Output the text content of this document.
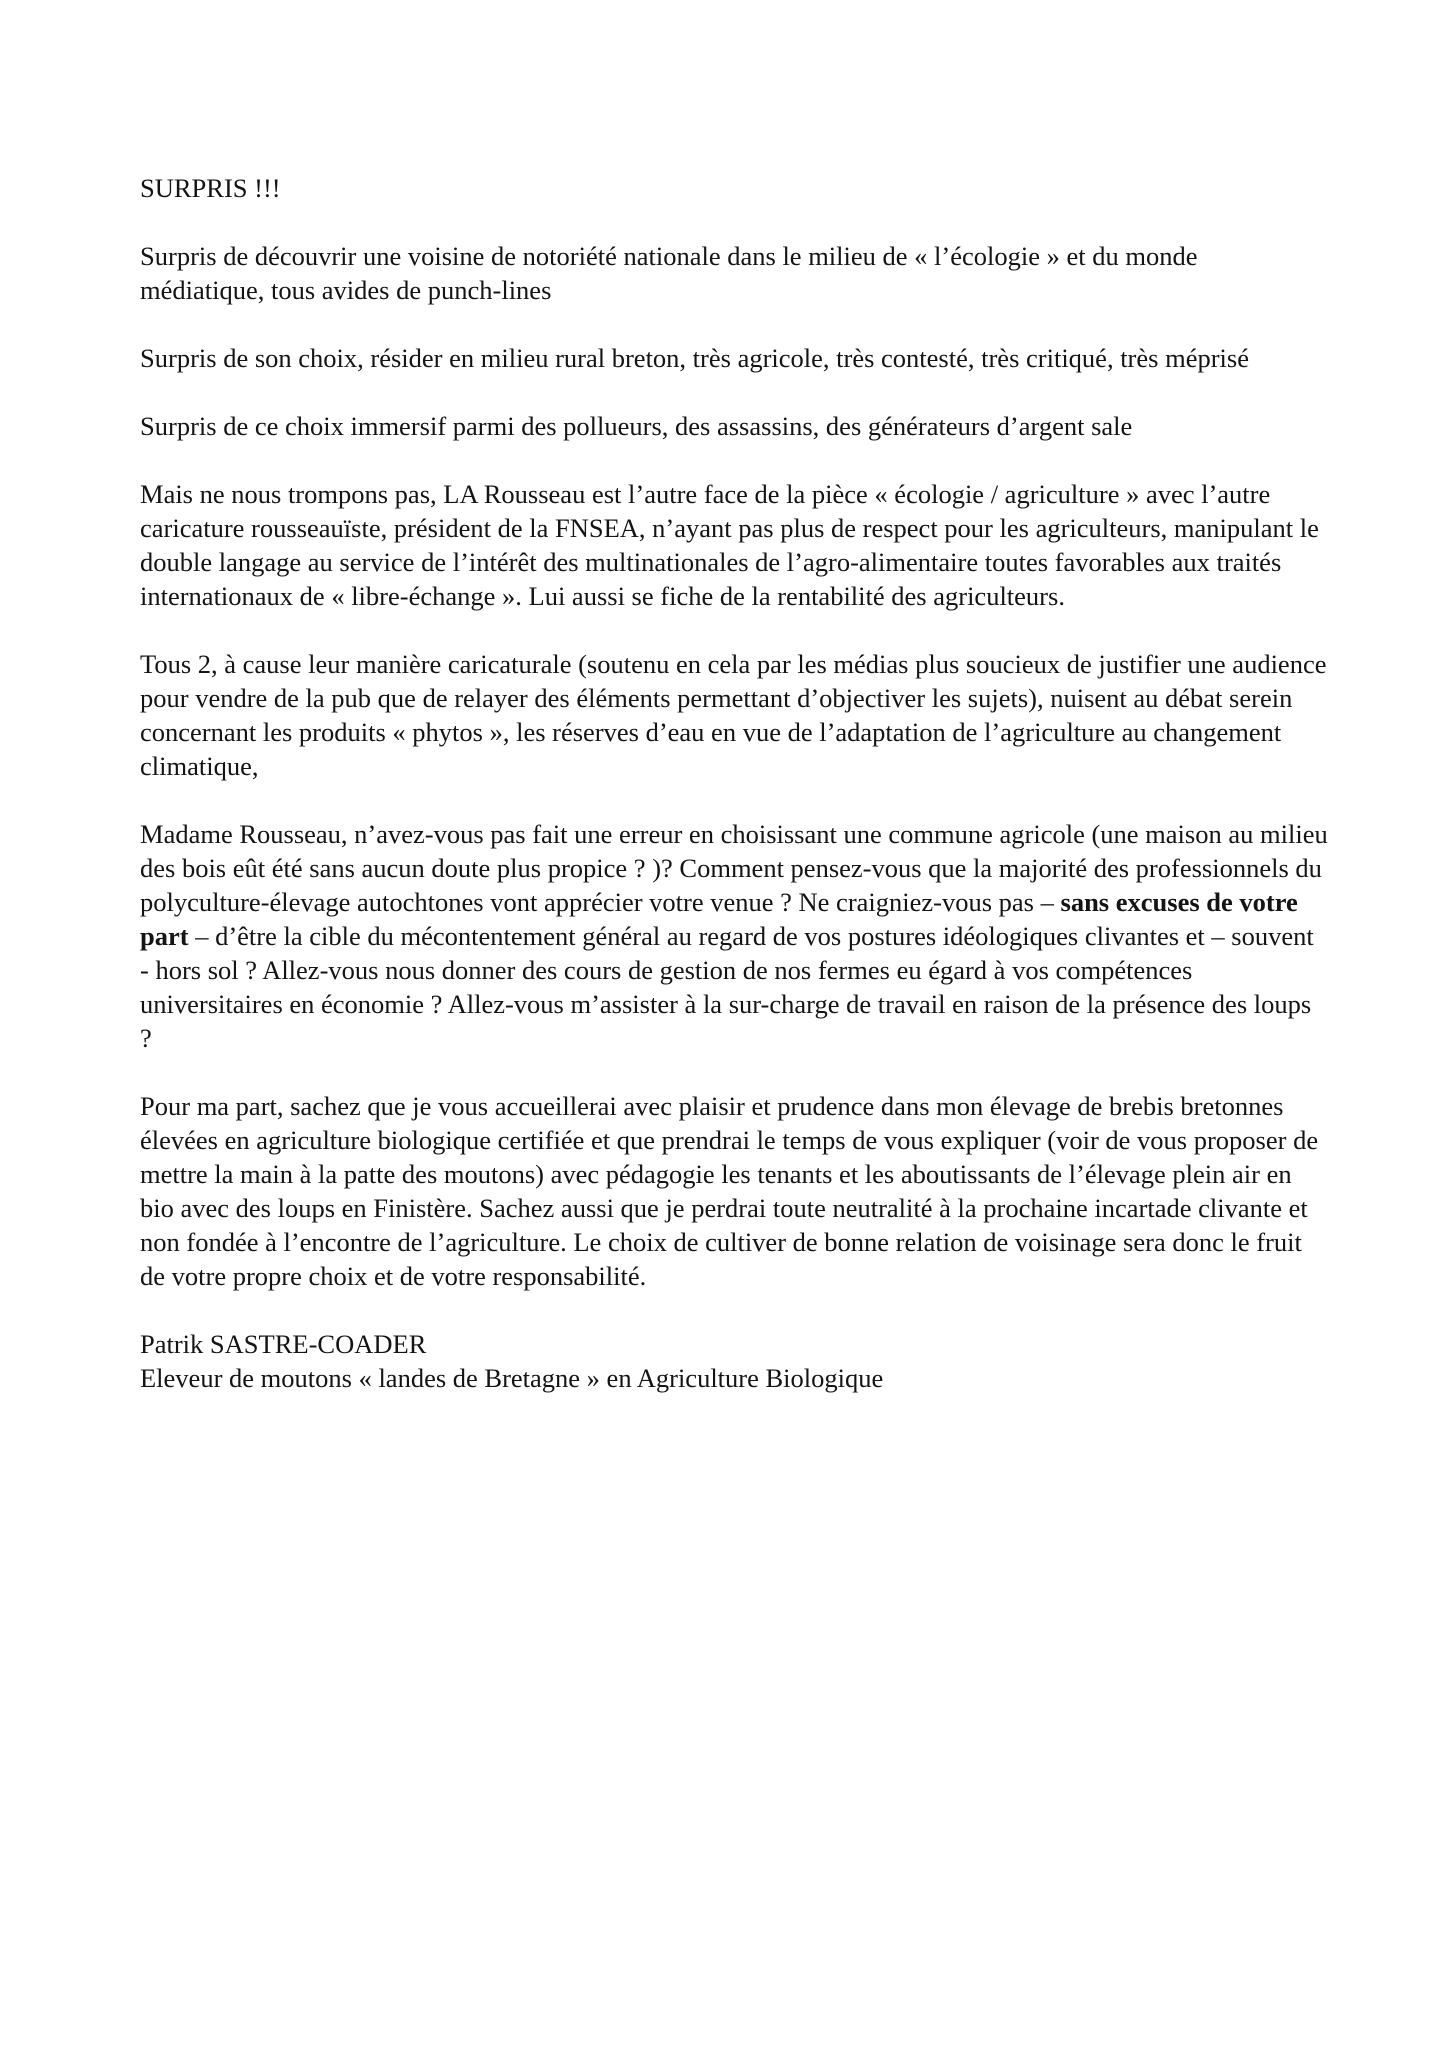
SURPRIS !!!

Surpris de découvrir une voisine de notoriété nationale dans le milieu de « l’écologie » et du monde médiatique, tous avides de punch-lines

Surpris de son choix, résider en milieu rural breton, très agricole, très contesté, très critiqué, très méprisé

Surpris de ce choix immersif parmi des pollueurs, des assassins, des générateurs d’argent sale

Mais ne nous trompons pas, LA Rousseau est l’autre face de la pièce « écologie / agriculture » avec l’autre caricature rousseauïste, président de la FNSEA, n’ayant pas plus de respect pour les agriculteurs, manipulant le double langage au service de l’intérêt des multinationales de l’agro-alimentaire toutes favorables aux traités internationaux de « libre-échange ». Lui aussi se fiche de la rentabilité des agriculteurs.

Tous 2, à cause leur manière caricaturale (soutenu en cela par les médias plus soucieux de justifier une audience pour vendre de la pub que de relayer des éléments permettant d’objectiver les sujets), nuisent au débat serein concernant les produits « phytos », les réserves d’eau en vue de l’adaptation de l’agriculture au changement climatique,

Madame Rousseau, n’avez-vous pas fait une erreur en choisissant une commune agricole (une maison au milieu des bois eût été sans aucun doute plus propice ? )? Comment pensez-vous que la majorité des professionnels du polyculture-élevage autochtones vont apprécier votre venue ? Ne craigniez-vous pas – sans excuses de votre part – d’être la cible du mécontentement général au regard de vos postures idéologiques clivantes et – souvent - hors sol ? Allez-vous nous donner des cours de gestion de nos fermes eu égard à vos compétences universitaires en économie ? Allez-vous m’assister à la sur-charge de travail en raison de la présence des loups ?

Pour ma part, sachez que je vous accueillerai avec plaisir et prudence dans mon élevage de brebis bretonnes élevées en agriculture biologique certifiée et que prendrai le temps de vous expliquer (voir de vous proposer de mettre la main à la patte des moutons) avec pédagogie les tenants et les aboutissants de l’élevage plein air en bio avec des loups en Finistère. Sachez aussi que je perdrai toute neutralité à la prochaine incartade clivante et non fondée à l’encontre de l’agriculture. Le choix de cultiver de bonne relation de voisinage sera donc le fruit de votre propre choix et de votre responsabilité.

Patrik SASTRE-COADER

Eleveur de moutons « landes de Bretagne » en Agriculture Biologique
